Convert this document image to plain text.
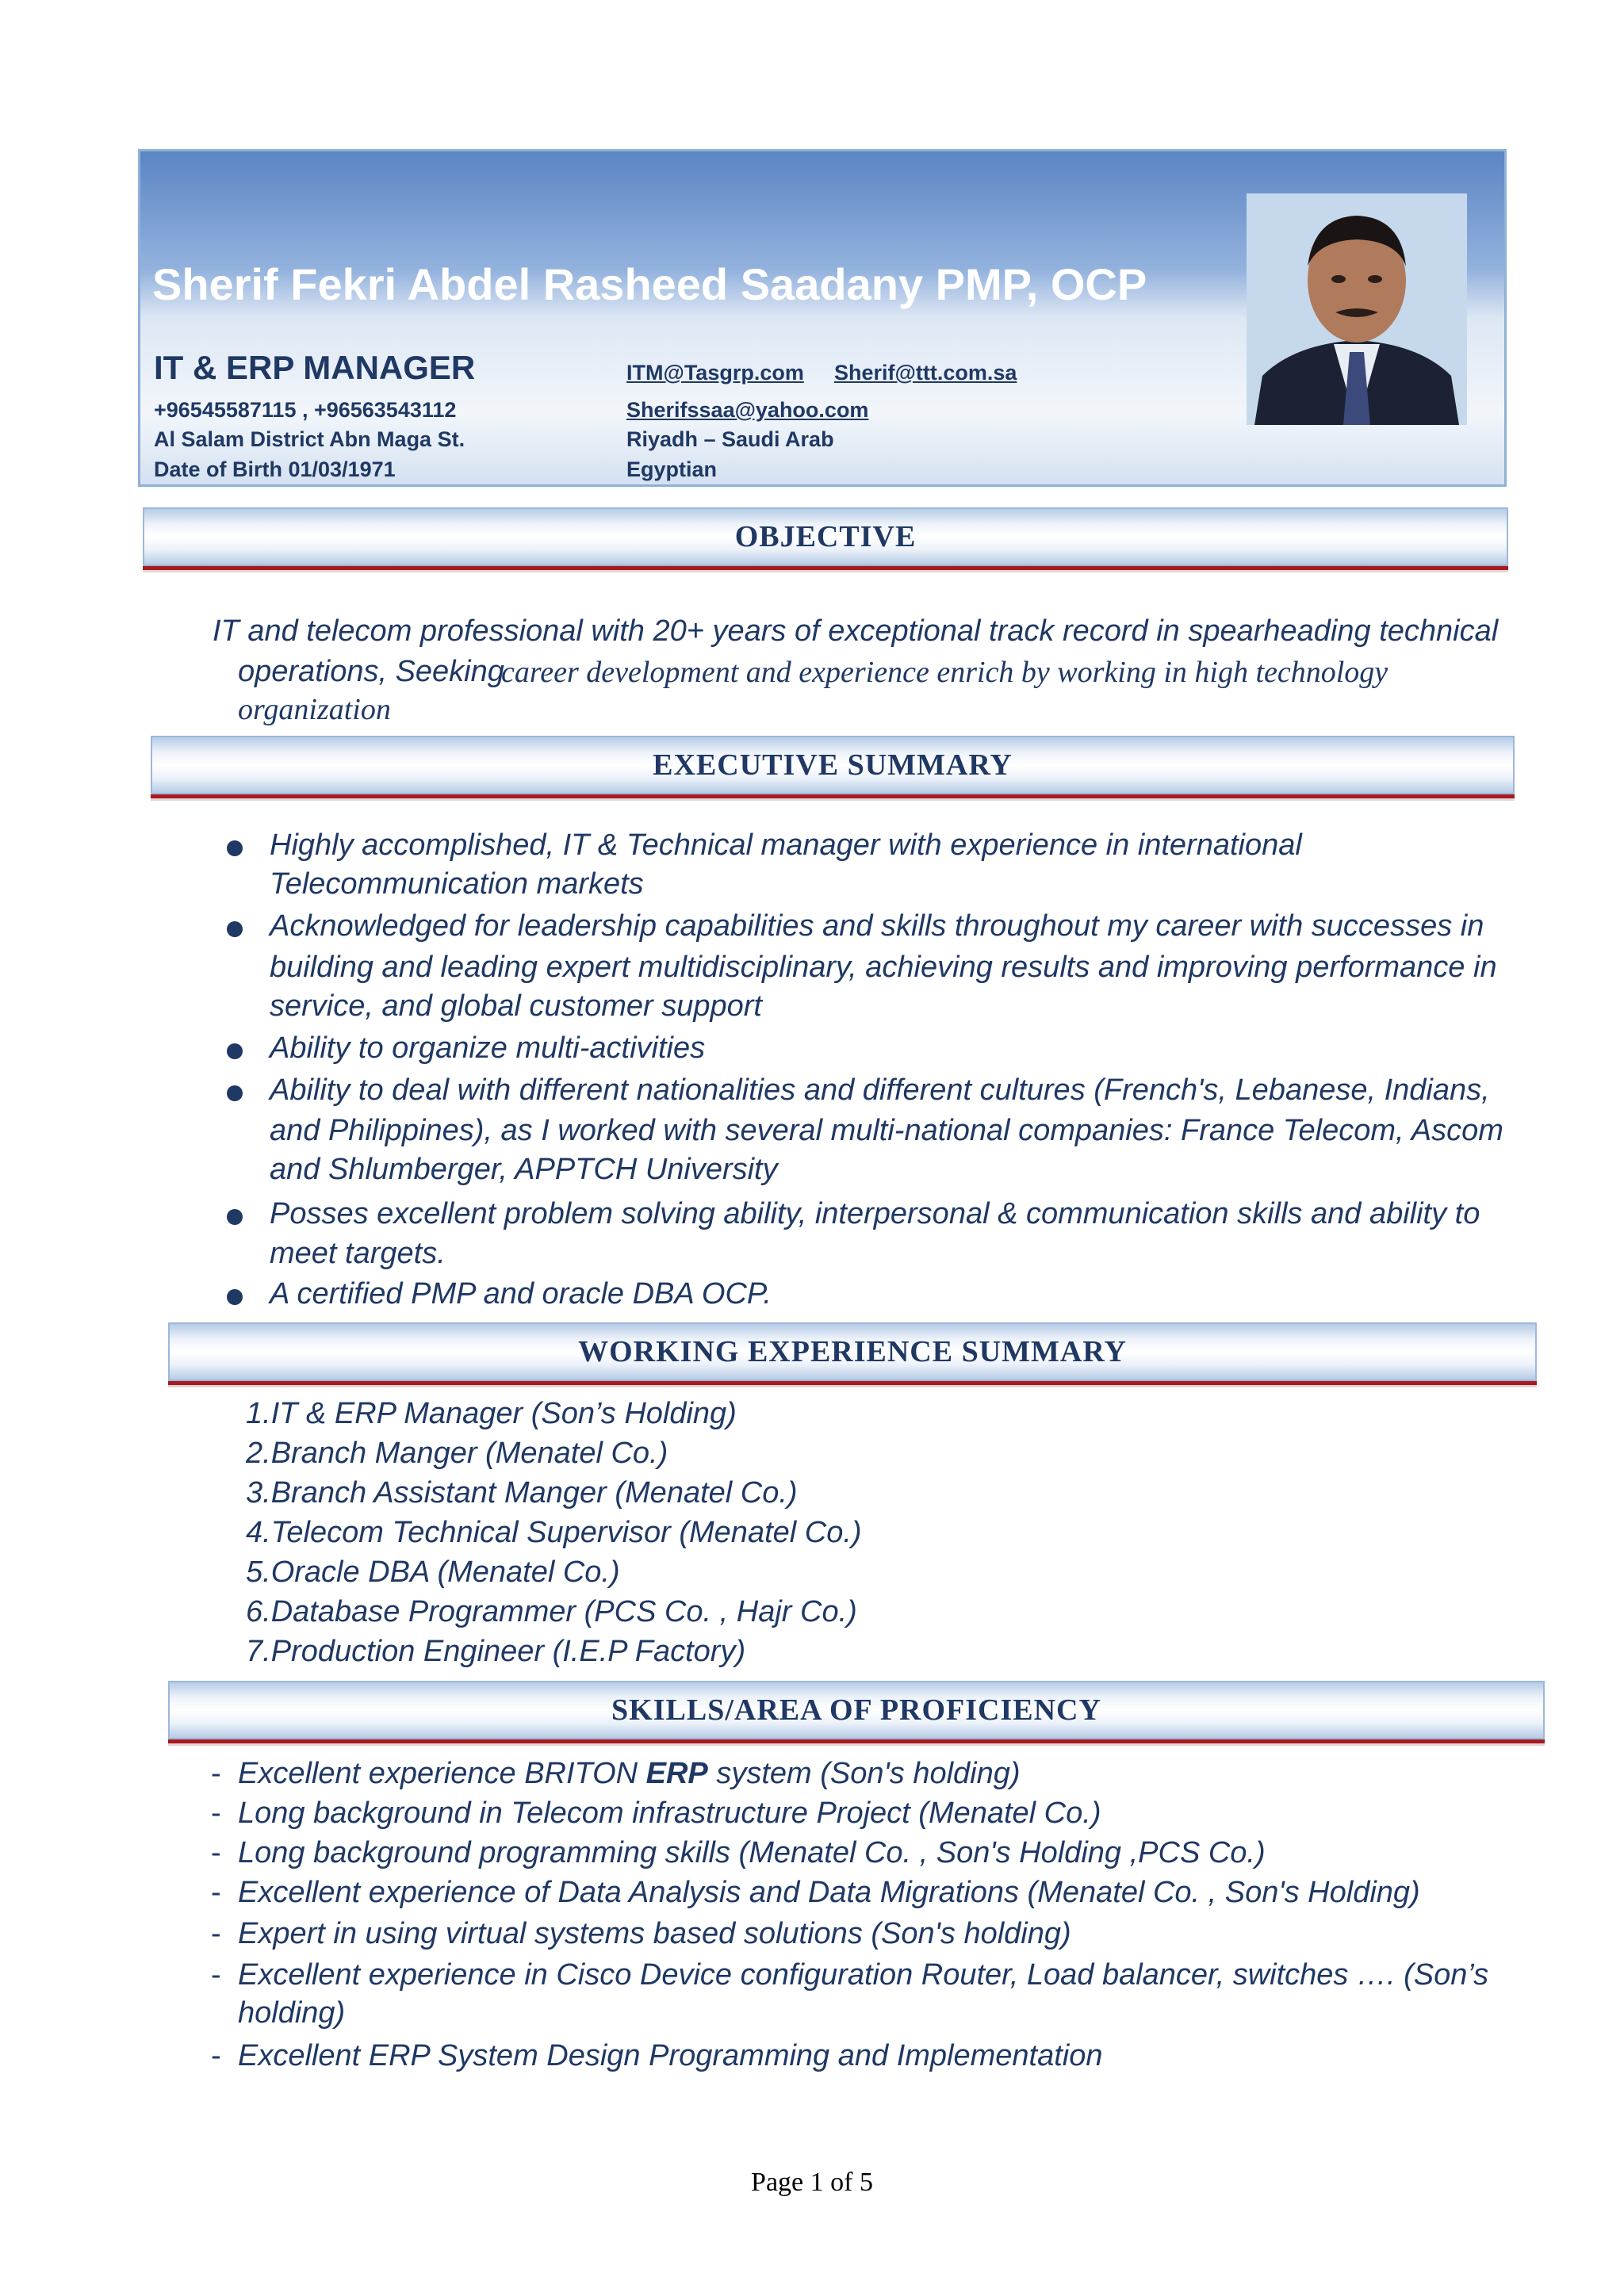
Sherif Fekri Abdel Rasheed Saadany PMP, OCP
IT & ERP MANAGER
+96545587115 , +96563543112
Al Salam District Abn Maga St.
Date of Birth 01/03/1971
ITM@Tasgrp.com Sherif@ttt.com.sa
Sherifssaa@yahoo.com
Riyadh – Saudi Arab
Egyptian
OBJECTIVE
IT and telecom professional with 20+ years of exceptional track record in spearheading technical
operations, Seeking
career development and experience enrich by working in high technology
organization
EXECUTIVE SUMMARY
Highly accomplished, IT & Technical manager with experience in international
Telecommunication markets
Acknowledged for leadership capabilities and skills throughout my career with successes in
building and leading expert multidisciplinary, achieving results and improving performance in
service, and global customer support
Ability to organize multi-activities
Ability to deal with different nationalities and different cultures (French's, Lebanese, Indians,
and Philippines), as I worked with several multi-national companies: France Telecom, Ascom
and Shlumberger, APPTCH University
Posses excellent problem solving ability, interpersonal & communication skills and ability to
meet targets.
A certified PMP and oracle DBA OCP.
WORKING EXPERIENCE SUMMARY
1.IT & ERP Manager (Son’s Holding)
2.Branch Manger (Menatel Co.)
3.Branch Assistant Manger (Menatel Co.)
4.Telecom Technical Supervisor (Menatel Co.)
5.Oracle DBA (Menatel Co.)
6.Database Programmer (PCS Co. , Hajr Co.)
7.Production Engineer (I.E.P Factory)
SKILLS/AREA OF PROFICIENCY
- Excellent experience BRITON ERP system (Son's holding)
- Long background in Telecom infrastructure Project (Menatel Co.)
- Long background programming skills (Menatel Co. , Son's Holding ,PCS Co.)
- Excellent experience of Data Analysis and Data Migrations (Menatel Co. , Son's Holding)
- Expert in using virtual systems based solutions (Son's holding)
- Excellent experience in Cisco Device configuration Router, Load balancer, switches …. (Son’s
holding)
- Excellent ERP System Design Programming and Implementation
Page 1 of 5
